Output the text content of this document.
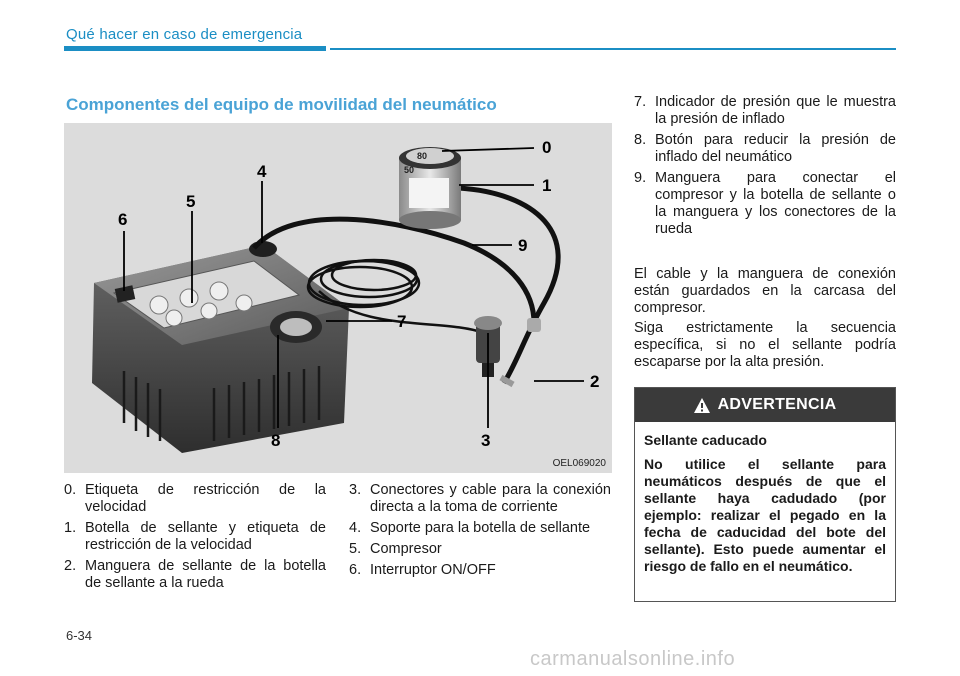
Qué hacer en caso de emergencia
Componentes del equipo de movilidad del neumático
80
50
0
1
2
3
4
5
6
7
8
9
OEL069020
0. Etiqueta de restricción de la velocidad
1. Botella de sellante y etiqueta de restricción de la velocidad
2. Manguera de sellante de la botella de sellante a la rueda
3. Conectores y cable para la conexión directa a la toma de corriente
4. Soporte para la botella de sellante
5. Compresor
6. Interruptor ON/OFF
7. Indicador de presión que le muestra la presión de inflado
8. Botón para reducir la presión de inflado del neumático
9. Manguera para conectar el compresor y la botella de sellante o la manguera y los conectores de la rueda

El cable y la manguera de conexión están guardados en la carcasa del compresor.

Siga estrictamente la secuencia específica, si no el sellante podría escaparse por la alta presión.

ADVERTENCIA
Sellante caducado
No utilice el sellante para neumáticos después de que el sellante haya cadudado (por ejemplo: realizar el pegado en la fecha de caducidad del bote del sellante). Esto puede aumentar el riesgo de fallo en el neumático.
6-34
carmanualsonline.info
